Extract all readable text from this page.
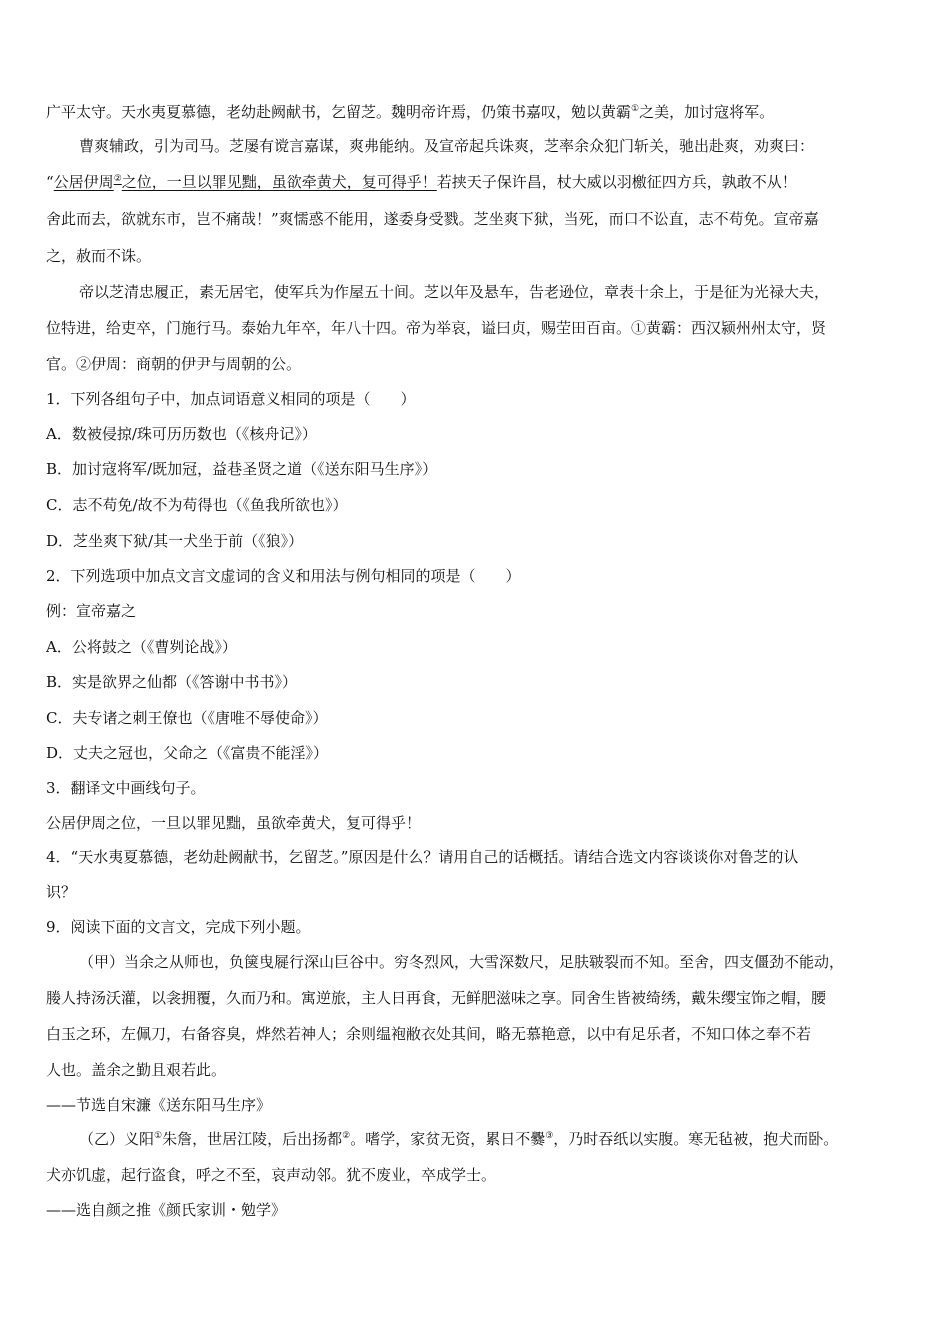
广平太守。天水夷夏慕德，老幼赴阙献书，乞留芝。魏明帝许焉，仍策书嘉叹，勉以黄霸①之美，加讨寇将军。
曹爽辅政，引为司马。芝屡有谠言嘉谋，爽弗能纳。及宣帝起兵诛爽，芝率余众犯门斩关，驰出赴爽，劝爽曰：
“公居伊周②之位，一旦以罪见黜，虽欲牵黄犬，复可得乎！若挟天子保许昌，杖大威以羽檄征四方兵，孰敢不从！
舍此而去，欲就东市，岂不痛哉！”爽懦惑不能用，遂委身受戮。芝坐爽下狱，当死，而口不讼直，志不苟免。宣帝嘉
之，赦而不诛。
帝以芝清忠履正，素无居宅，使军兵为作屋五十间。芝以年及悬车，告老逊位，章表十余上，于是征为光禄大夫，
位特进，给吏卒，门施行马。泰始九年卒，年八十四。帝为举哀，谥曰贞，赐茔田百亩。①黄霸：西汉颍州州太守，贤
官。②伊周：商朝的伊尹与周朝的公。
1．下列各组句子中，加点词语意义相同的项是（　　）
A．数被侵掠/珠可历历数也（《核舟记》）
B．加讨寇将军/既加冠，益巷圣贤之道（《送东阳马生序》）
C．志不苟免/故不为苟得也（《鱼我所欲也》）
D．芝坐爽下狱/其一犬坐于前（《狼》）
2．下列选项中加点文言文虚词的含义和用法与例句相同的项是（　　）
例：宣帝嘉之
A．公将鼓之（《曹刿论战》）
B．实是欲界之仙都（《答谢中书书》）
C．夫专诸之刺王僚也（《唐唯不辱使命》）
D．丈夫之冠也，父命之（《富贵不能淫》）
3．翻译文中画线句子。
公居伊周之位，一旦以罪见黜，虽欲牵黄犬，复可得乎！
4．“天水夷夏慕德，老幼赴阙献书，乞留芝。”原因是什么？请用自己的话概括。请结合选文内容谈谈你对鲁芝的认
识？
9．阅读下面的文言文，完成下列小题。
（甲）当余之从师也，负箧曳屣行深山巨谷中。穷冬烈风，大雪深数尺，足肤皲裂而不知。至舍，四支僵劲不能动，
媵人持汤沃灌，以衾拥覆，久而乃和。寓逆旅，主人日再食，无鲜肥滋味之享。同舍生皆被绮绣，戴朱缨宝饰之帽，腰
白玉之环，左佩刀，右备容臭，烨然若神人；余则缊袍敝衣处其间，略无慕艳意，以中有足乐者，不知口体之奉不若
人也。盖余之勤且艰若此。
——节选自宋濂《送东阳马生序》
（乙）义阳①朱詹，世居江陵，后出扬都②。嗜学，家贫无资，累日不爨③，乃时吞纸以实腹。寒无毡被，抱犬而卧。
犬亦饥虚，起行盗食，呼之不至，哀声动邻。犹不废业，卒成学士。
——选自颜之推《颜氏家训・勉学》
